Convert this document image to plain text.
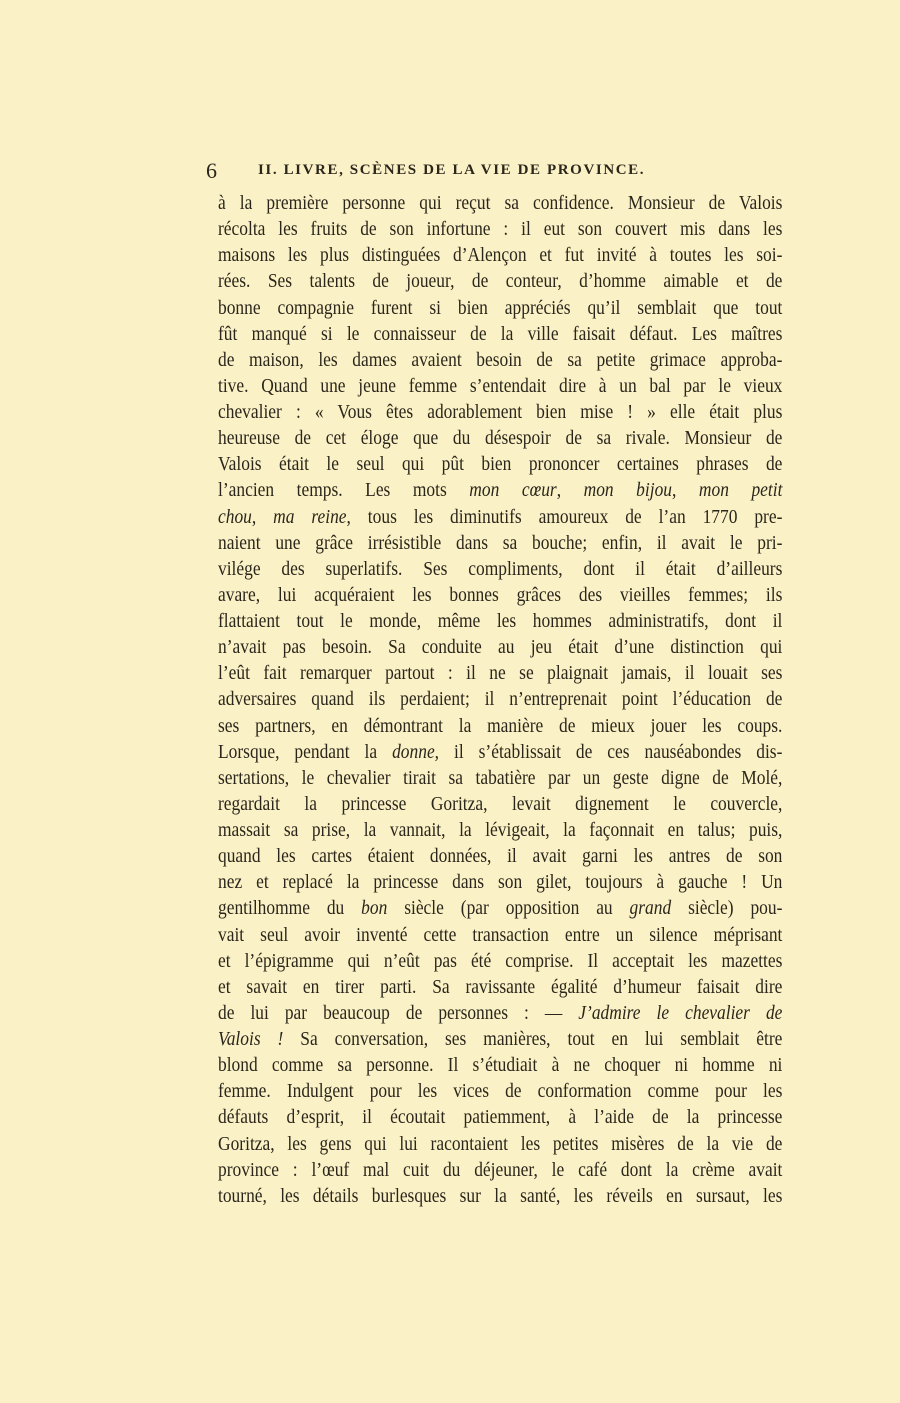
6	II. LIVRE, SCÈNES DE LA VIE DE PROVINCE.
à la première personne qui reçut sa confidence. Monsieur de Valois
récolta les fruits de son infortune : il eut son couvert mis dans les
maisons les plus distinguées d’Alençon et fut invité à toutes les soi-
rées. Ses talents de joueur, de conteur, d’homme aimable et de
bonne compagnie furent si bien appréciés qu’il semblait que tout
fût manqué si le connaisseur de la ville faisait défaut. Les maîtres
de maison, les dames avaient besoin de sa petite grimace approba-
tive. Quand une jeune femme s’entendait dire à un bal par le vieux
chevalier : « Vous êtes adorablement bien mise ! » elle était plus
heureuse de cet éloge que du désespoir de sa rivale. Monsieur de
Valois était le seul qui pût bien prononcer certaines phrases de
l’ancien temps. Les mots mon cœur, mon bijou, mon petit
chou, ma reine, tous les diminutifs amoureux de l’an 1770 pre-
naient une grâce irrésistible dans sa bouche; enfin, il avait le pri-
vilége des superlatifs. Ses compliments, dont il était d’ailleurs
avare, lui acquéraient les bonnes grâces des vieilles femmes; ils
flattaient tout le monde, même les hommes administratifs, dont il
n’avait pas besoin. Sa conduite au jeu était d’une distinction qui
l’eût fait remarquer partout : il ne se plaignait jamais, il louait ses
adversaires quand ils perdaient; il n’entreprenait point l’éducation de
ses partners, en démontrant la manière de mieux jouer les coups.
Lorsque, pendant la donne, il s’établissait de ces nauséabondes dis-
sertations, le chevalier tirait sa tabatière par un geste digne de Molé,
regardait la princesse Goritza, levait dignement le couvercle,
massait sa prise, la vannait, la lévigeait, la façonnait en talus; puis,
quand les cartes étaient données, il avait garni les antres de son
nez et replacé la princesse dans son gilet, toujours à gauche ! Un
gentilhomme du bon siècle (par opposition au grand siècle) pou-
vait seul avoir inventé cette transaction entre un silence méprisant
et l’épigramme qui n’eût pas été comprise. Il acceptait les mazettes
et savait en tirer parti. Sa ravissante égalité d’humeur faisait dire
de lui par beaucoup de personnes : — J’admire le chevalier de
Valois ! Sa conversation, ses manières, tout en lui semblait être
blond comme sa personne. Il s’étudiait à ne choquer ni homme ni
femme. Indulgent pour les vices de conformation comme pour les
défauts d’esprit, il écoutait patiemment, à l’aide de la princesse
Goritza, les gens qui lui racontaient les petites misères de la vie de
province : l’œuf mal cuit du déjeuner, le café dont la crème avait
tourné, les détails burlesques sur la santé, les réveils en sursaut, les
